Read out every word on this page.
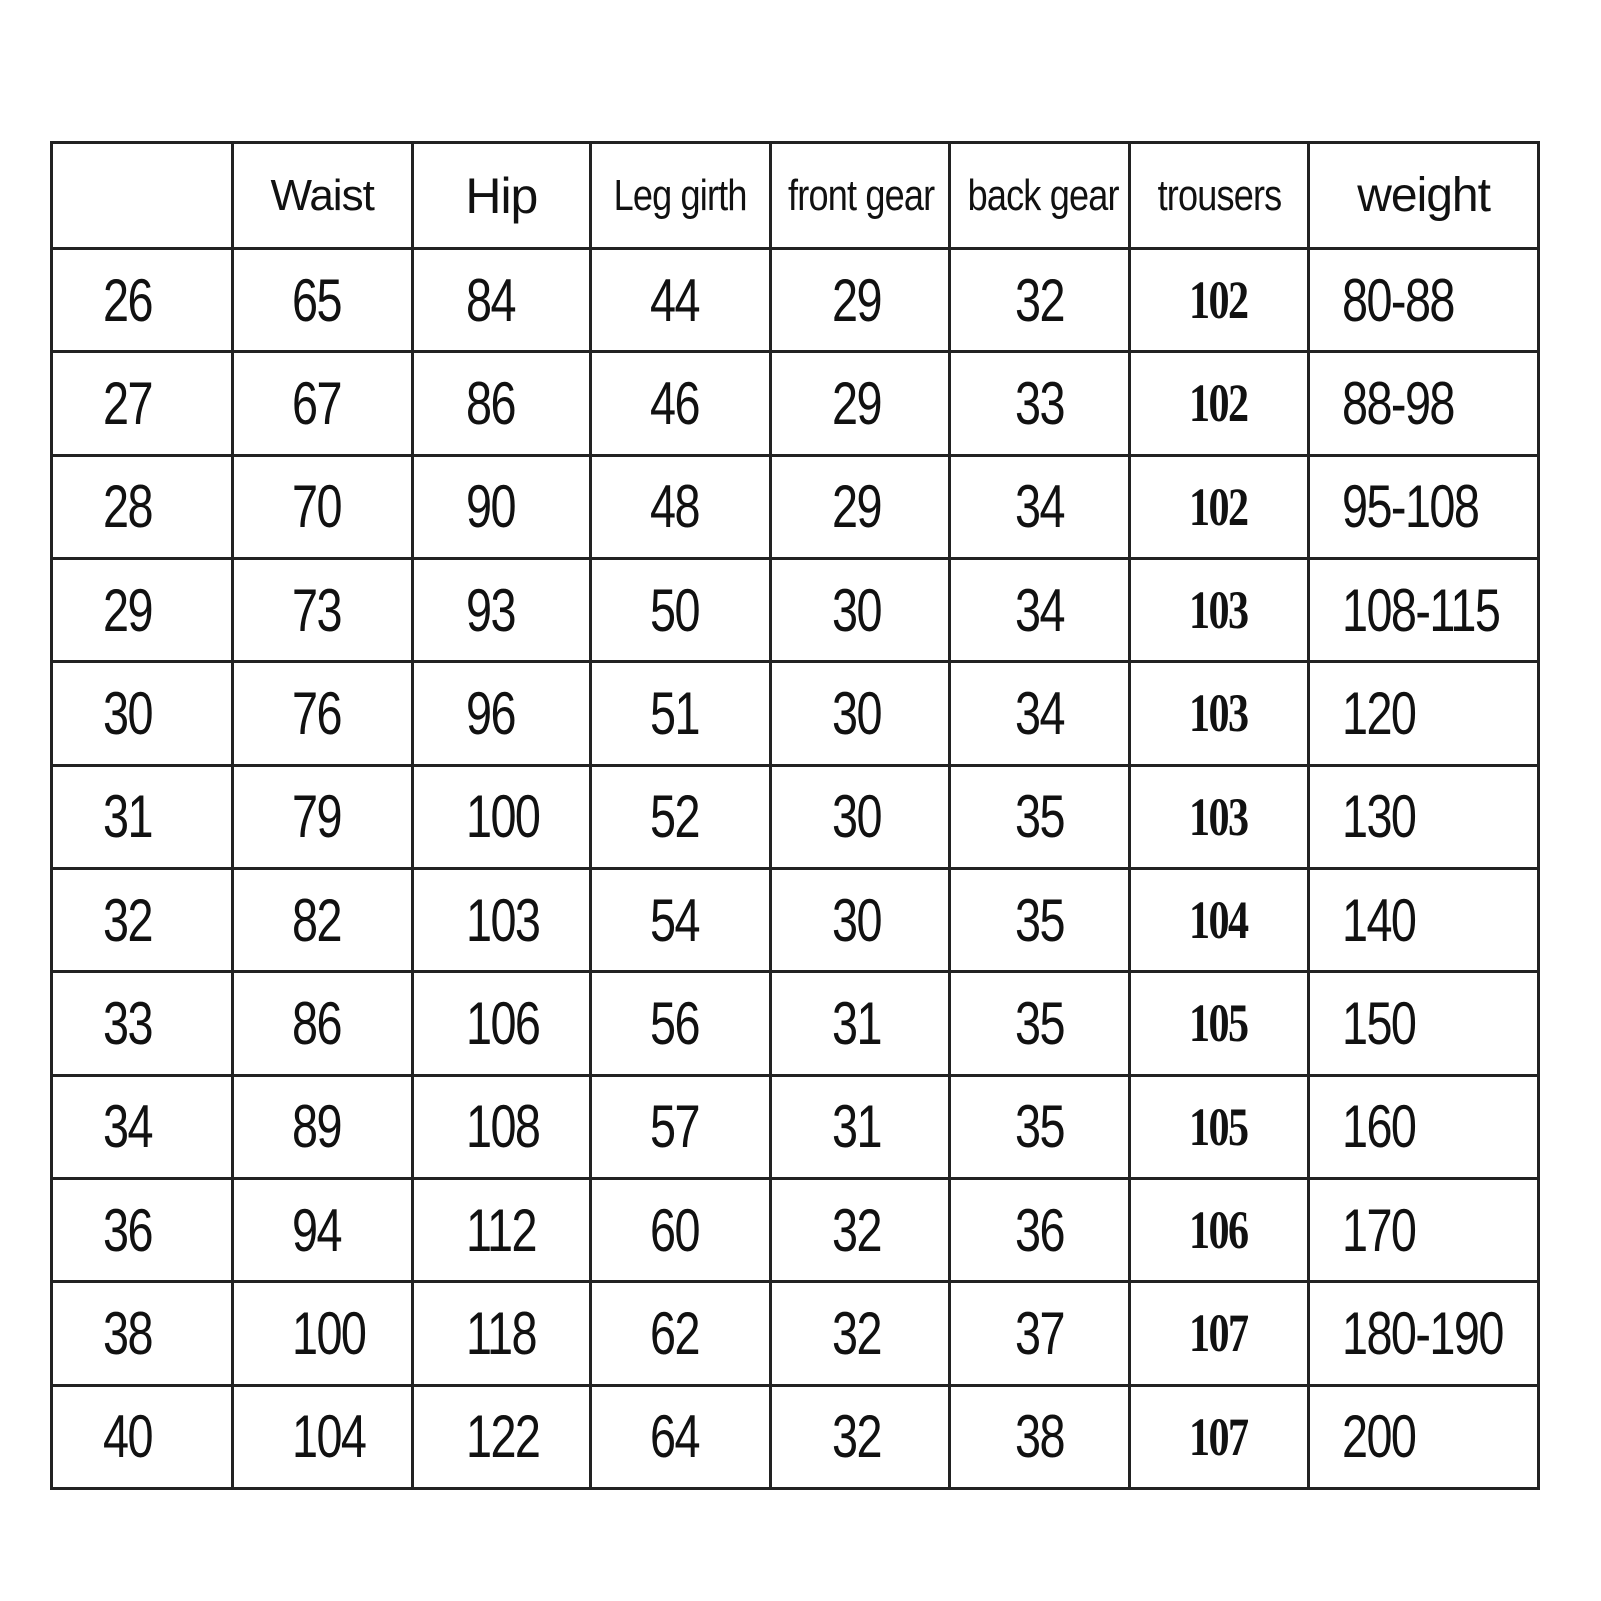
	Waist	Hip	Leg girth	front gear	back gear	trousers	weight
26	65	84	44	29	32	102	80-88
27	67	86	46	29	33	102	88-98
28	70	90	48	29	34	102	95-108
29	73	93	50	30	34	103	108-115
30	76	96	51	30	34	103	120
31	79	100	52	30	35	103	130
32	82	103	54	30	35	104	140
33	86	106	56	31	35	105	150
34	89	108	57	31	35	105	160
36	94	112	60	32	36	106	170
38	100	118	62	32	37	107	180-190
40	104	122	64	32	38	107	200
